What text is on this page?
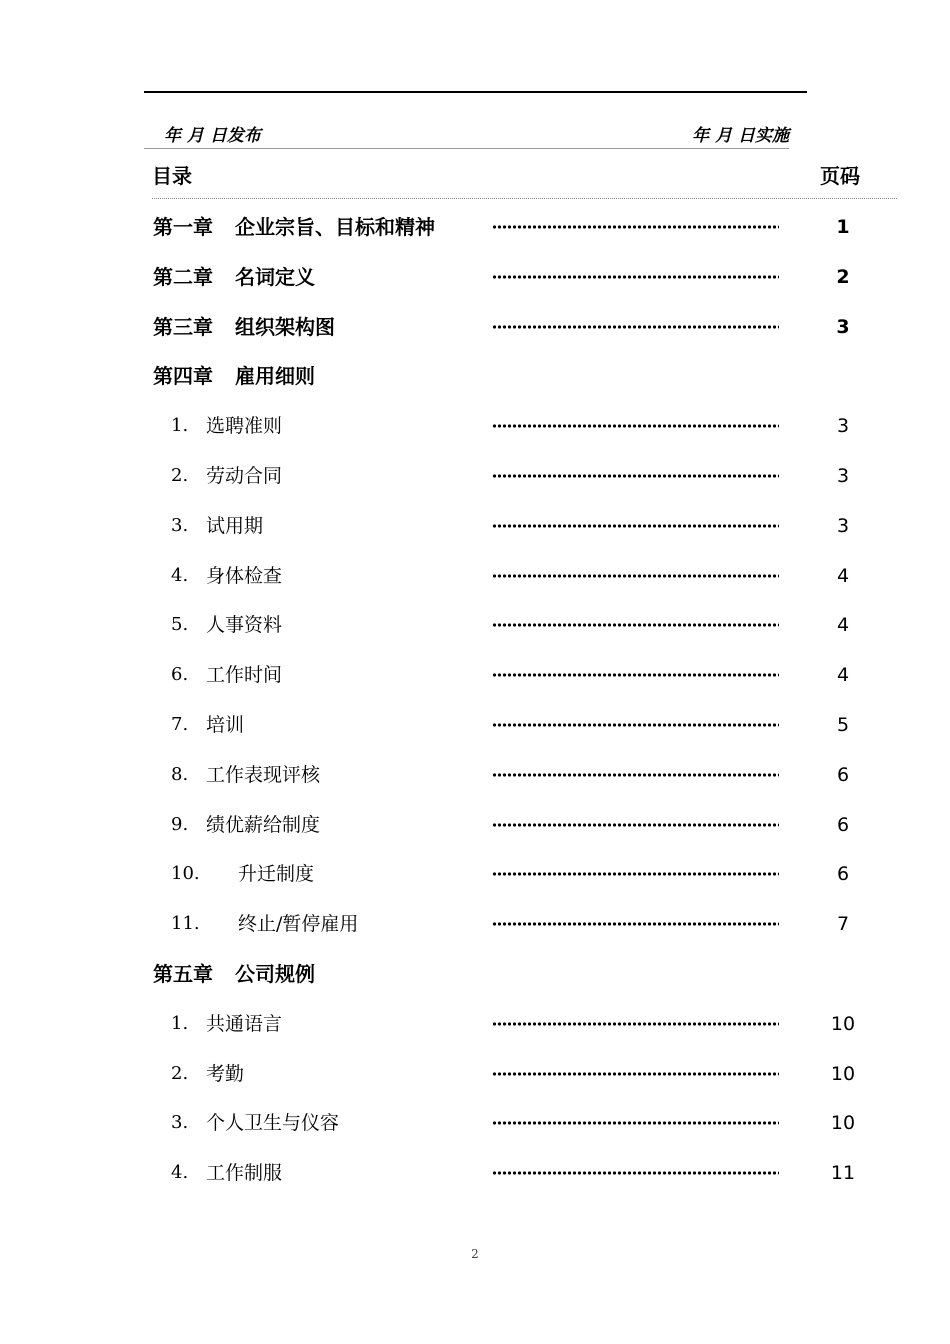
年 月 日发布	年 月 日实施
目录	页码
第一章 企业宗旨、目标和精神	1
第二章 名词定义	2
第三章 组织架构图	3
第四章 雇用细则
1. 选聘准则	3
2. 劳动合同	3
3. 试用期	3
4. 身体检查	4
5. 人事资料	4
6. 工作时间	4
7. 培训	5
8. 工作表现评核	6
9. 绩优薪给制度	6
10. 升迁制度	6
11. 终止/暂停雇用	7
第五章 公司规例
1. 共通语言	10
2. 考勤	10
3. 个人卫生与仪容	10
4. 工作制服	11
2
